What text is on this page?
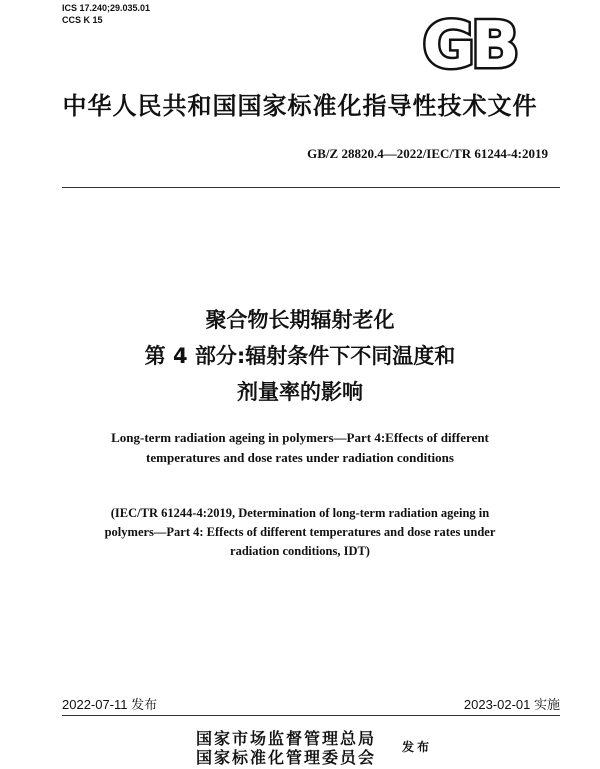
ICS 17.240;29.035.01
CCS K 15	GB
中华人民共和国国家标准化指导性技术文件
GB/Z 28820.4—2022/IEC/TR 61244-4:2019
聚合物长期辐射老化
第 4 部分:辐射条件下不同温度和
剂量率的影响
Long-term radiation ageing in polymers—Part 4:Effects of different
temperatures and dose rates under radiation conditions
(IEC/TR 61244-4:2019, Determination of long-term radiation ageing in
polymers—Part 4: Effects of different temperatures and dose rates under
radiation conditions, IDT)
2022-07-11 发布	2023-02-01 实施
国家市场监督管理总局
国家标准化管理委员会
发布
